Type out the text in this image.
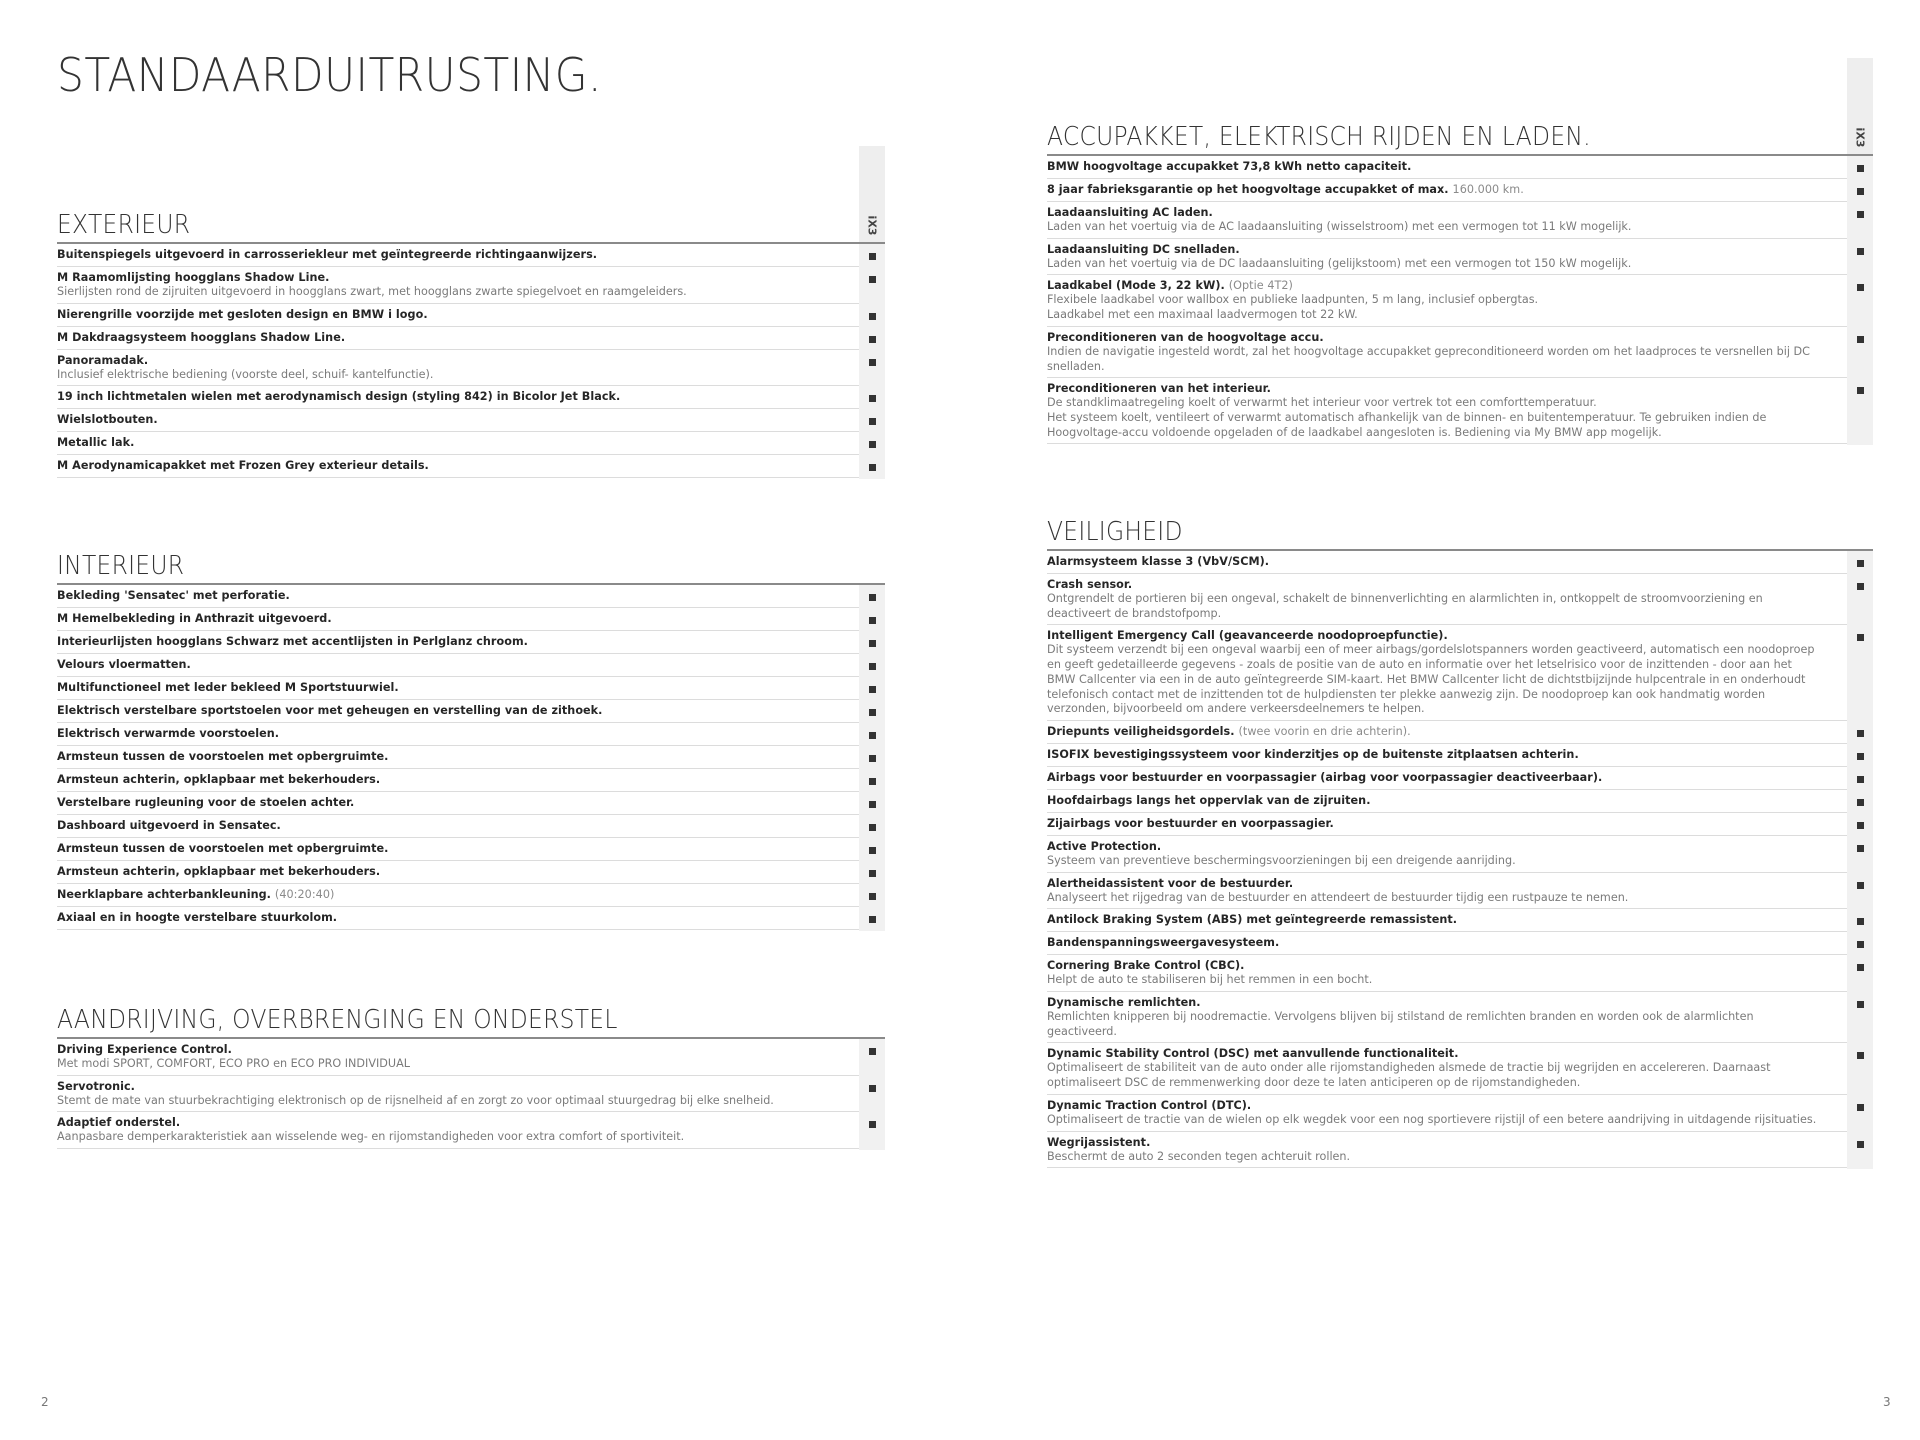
STANDAARDUITRUSTING.
EXTERIEUR	iX3
Buitenspiegels uitgevoerd in carrosseriekleur met geïntegreerde richtingaanwijzers.
M Raamomlijsting hoogglans Shadow Line.
Sierlijsten rond de zijruiten uitgevoerd in hoogglans zwart, met hoogglans zwarte spiegelvoet en raamgeleiders.
Nierengrille voorzijde met gesloten design en BMW i logo.
M Dakdraagsysteem hoogglans Shadow Line.
Panoramadak.
Inclusief elektrische bediening (voorste deel, schuif- kantelfunctie).
19 inch lichtmetalen wielen met aerodynamisch design (styling 842) in Bicolor Jet Black.
Wielslotbouten.
Metallic lak.
M Aerodynamicapakket met Frozen Grey exterieur details.
INTERIEUR
Bekleding 'Sensatec' met perforatie.
M Hemelbekleding in Anthrazit uitgevoerd.
Interieurlijsten hoogglans Schwarz met accentlijsten in Perlglanz chroom.
Velours vloermatten.
Multifunctioneel met leder bekleed M Sportstuurwiel.
Elektrisch verstelbare sportstoelen voor met geheugen en verstelling van de zithoek.
Elektrisch verwarmde voorstoelen.
Armsteun tussen de voorstoelen met opbergruimte.
Armsteun achterin, opklapbaar met bekerhouders.
Verstelbare rugleuning voor de stoelen achter.
Dashboard uitgevoerd in Sensatec.
Armsteun tussen de voorstoelen met opbergruimte.
Armsteun achterin, opklapbaar met bekerhouders.
Neerklapbare achterbankleuning. (40:20:40)
Axiaal en in hoogte verstelbare stuurkolom.
AANDRIJVING, OVERBRENGING EN ONDERSTEL
Driving Experience Control.
Met modi SPORT, COMFORT, ECO PRO en ECO PRO INDIVIDUAL
Servotronic.
Stemt de mate van stuurbekrachtiging elektronisch op de rijsnelheid af en zorgt zo voor optimaal stuurgedrag bij elke snelheid.
Adaptief onderstel.
Aanpasbare demperkarakteristiek aan wisselende weg- en rijomstandigheden voor extra comfort of sportiviteit.
ACCUPAKKET, ELEKTRISCH RIJDEN EN LADEN.	iX3
BMW hoogvoltage accupakket 73,8 kWh netto capaciteit.
8 jaar fabrieksgarantie op het hoogvoltage accupakket of max. 160.000 km.
Laadaansluiting AC laden.
Laden van het voertuig via de AC laadaansluiting (wisselstroom) met een vermogen tot 11 kW mogelijk.
Laadaansluiting DC snelladen.
Laden van het voertuig via de DC laadaansluiting (gelijkstoom) met een vermogen tot 150 kW mogelijk.
Laadkabel (Mode 3, 22 kW). (Optie 4T2)
Flexibele laadkabel voor wallbox en publieke laadpunten, 5 m lang, inclusief opbergtas.
Laadkabel met een maximaal laadvermogen tot 22 kW.
Preconditioneren van de hoogvoltage accu.
Indien de navigatie ingesteld wordt, zal het hoogvoltage accupakket gepreconditioneerd worden om het laadproces te versnellen bij DC
snelladen.
Preconditioneren van het interieur.
De standklimaatregeling koelt of verwarmt het interieur voor vertrek tot een comforttemperatuur.
Het systeem koelt, ventileert of verwarmt automatisch afhankelijk van de binnen- en buitentemperatuur. Te gebruiken indien de
Hoogvoltage-accu voldoende opgeladen of de laadkabel aangesloten is. Bediening via My BMW app mogelijk.
VEILIGHEID
Alarmsysteem klasse 3 (VbV/SCM).
Crash sensor.
Ontgrendelt de portieren bij een ongeval, schakelt de binnenverlichting en alarmlichten in, ontkoppelt de stroomvoorziening en
deactiveert de brandstofpomp.
Intelligent Emergency Call (geavanceerde noodoproepfunctie).
Dit systeem verzendt bij een ongeval waarbij een of meer airbags/gordelslotspanners worden geactiveerd, automatisch een noodoproep
en geeft gedetailleerde gegevens - zoals de positie van de auto en informatie over het letselrisico voor de inzittenden - door aan het
BMW Callcenter via een in de auto geïntegreerde SIM-kaart. Het BMW Callcenter licht de dichtstbijzijnde hulpcentrale in en onderhoudt
telefonisch contact met de inzittenden tot de hulpdiensten ter plekke aanwezig zijn. De noodoproep kan ook handmatig worden
verzonden, bijvoorbeeld om andere verkeersdeelnemers te helpen.
Driepunts veiligheidsgordels. (twee voorin en drie achterin).
ISOFIX bevestigingssysteem voor kinderzitjes op de buitenste zitplaatsen achterin.
Airbags voor bestuurder en voorpassagier (airbag voor voorpassagier deactiveerbaar).
Hoofdairbags langs het oppervlak van de zijruiten.
Zijairbags voor bestuurder en voorpassagier.
Active Protection.
Systeem van preventieve beschermingsvoorzieningen bij een dreigende aanrijding.
Alertheidassistent voor de bestuurder.
Analyseert het rijgedrag van de bestuurder en attendeert de bestuurder tijdig een rustpauze te nemen.
Antilock Braking System (ABS) met geïntegreerde remassistent.
Bandenspanningsweergavesysteem.
Cornering Brake Control (CBC).
Helpt de auto te stabiliseren bij het remmen in een bocht.
Dynamische remlichten.
Remlichten knipperen bij noodremactie. Vervolgens blijven bij stilstand de remlichten branden en worden ook de alarmlichten
geactiveerd.
Dynamic Stability Control (DSC) met aanvullende functionaliteit.
Optimaliseert de stabiliteit van de auto onder alle rijomstandigheden alsmede de tractie bij wegrijden en accelereren. Daarnaast
optimaliseert DSC de remmenwerking door deze te laten anticiperen op de rijomstandigheden.
Dynamic Traction Control (DTC).
Optimaliseert de tractie van de wielen op elk wegdek voor een nog sportievere rijstijl of een betere aandrijving in uitdagende rijsituaties.
Wegrijassistent.
Beschermt de auto 2 seconden tegen achteruit rollen.
2	3
